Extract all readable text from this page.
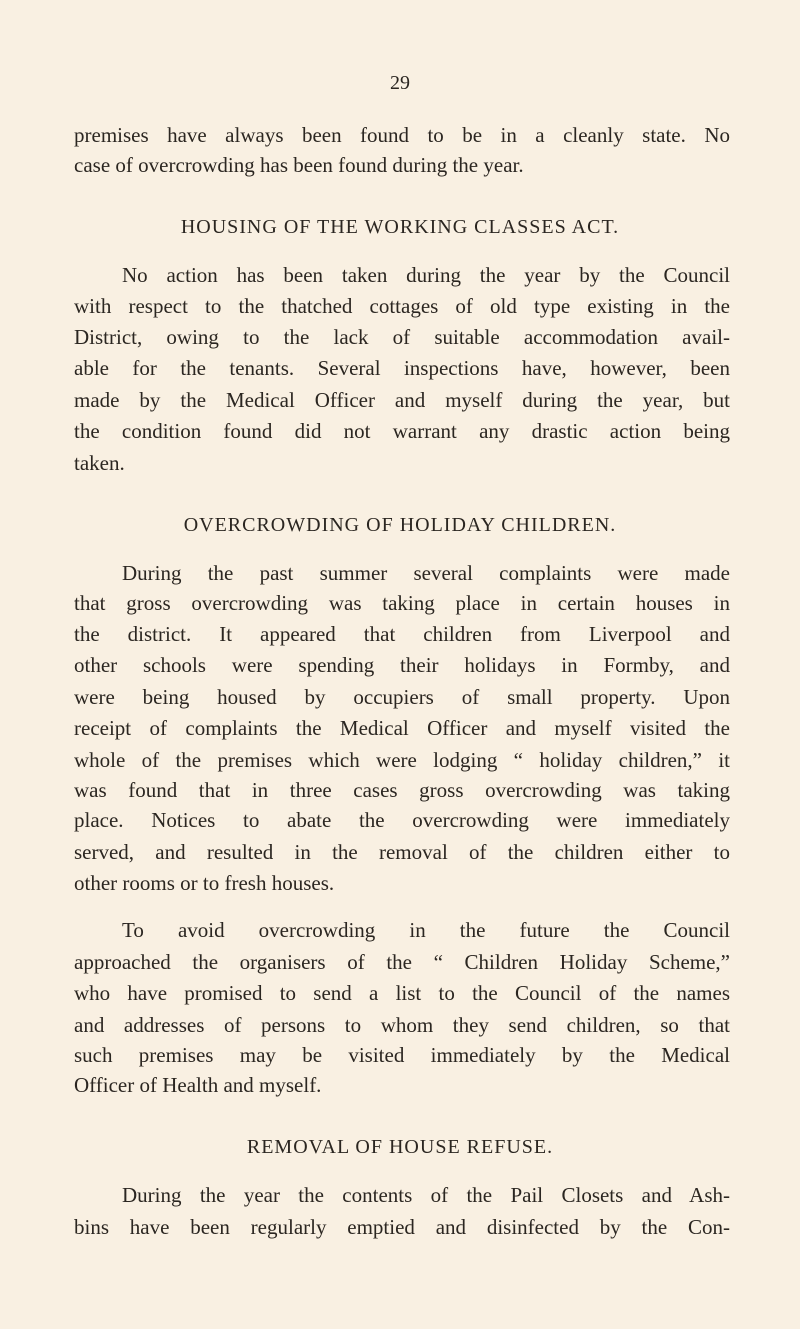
29
premises have always been found to be in a cleanly state. No
case of overcrowding has been found during the year.
HOUSING OF THE WORKING CLASSES ACT.
No action has been taken during the year by the Council
with respect to the thatched cottages of old type existing in the
District, owing to the lack of suitable accommodation avail-
able for the tenants. Several inspections have, however, been
made by the Medical Officer and myself during the year, but
the condition found did not warrant any drastic action being
taken.
OVERCROWDING OF HOLIDAY CHILDREN.
During the past summer several complaints were made
that gross overcrowding was taking place in certain houses in
the district. It appeared that children from Liverpool and
other schools were spending their holidays in Formby, and
were being housed by occupiers of small property. Upon
receipt of complaints the Medical Officer and myself visited the
whole of the premises which were lodging “ holiday children,” it
was found that in three cases gross overcrowding was taking
place. Notices to abate the overcrowding were immediately
served, and resulted in the removal of the children either to
other rooms or to fresh houses.
To avoid overcrowding in the future the Council
approached the organisers of the “ Children Holiday Scheme,”
who have promised to send a list to the Council of the names
and addresses of persons to whom they send children, so that
such premises may be visited immediately by the Medical
Officer of Health and myself.
REMOVAL OF HOUSE REFUSE.
During the year the contents of the Pail Closets and Ash-
bins have been regularly emptied and disinfected by the Con-
